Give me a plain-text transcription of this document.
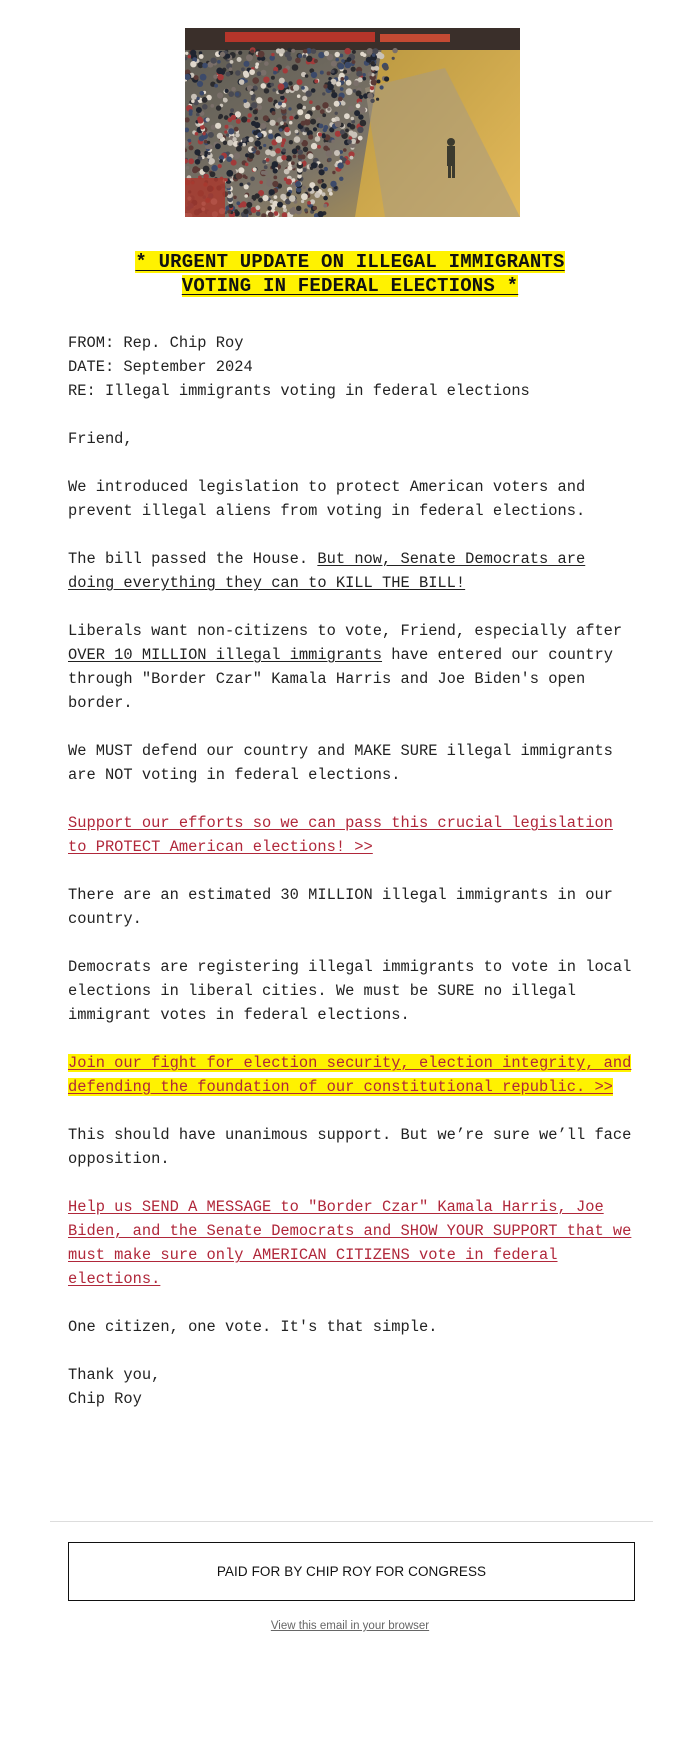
* URGENT UPDATE ON ILLEGAL IMMIGRANTS
VOTING IN FEDERAL ELECTIONS *

FROM: Rep. Chip Roy
DATE: September 2024
RE: Illegal immigrants voting in federal elections

Friend,

We introduced legislation to protect American voters and prevent illegal aliens from voting in federal elections.

The bill passed the House. But now, Senate Democrats are doing everything they can to KILL THE BILL!

Liberals want non-citizens to vote, Friend, especially after OVER 10 MILLION illegal immigrants have entered our country through "Border Czar" Kamala Harris and Joe Biden's open border.

We MUST defend our country and MAKE SURE illegal immigrants are NOT voting in federal elections.

Support our efforts so we can pass this crucial legislation to PROTECT American elections! >>

There are an estimated 30 MILLION illegal immigrants in our country.

Democrats are registering illegal immigrants to vote in local elections in liberal cities. We must be SURE no illegal immigrant votes in federal elections.

Join our fight for election security, election integrity, and defending the foundation of our constitutional republic. >>

This should have unanimous support. But we’re sure we’ll face opposition.

Help us SEND A MESSAGE to "Border Czar" Kamala Harris, Joe Biden, and the Senate Democrats and SHOW YOUR SUPPORT that we must make sure only AMERICAN CITIZENS vote in federal elections.

One citizen, one vote. It's that simple.

Thank you,
Chip Roy

PAID FOR BY CHIP ROY FOR CONGRESS
View this email in your browser
